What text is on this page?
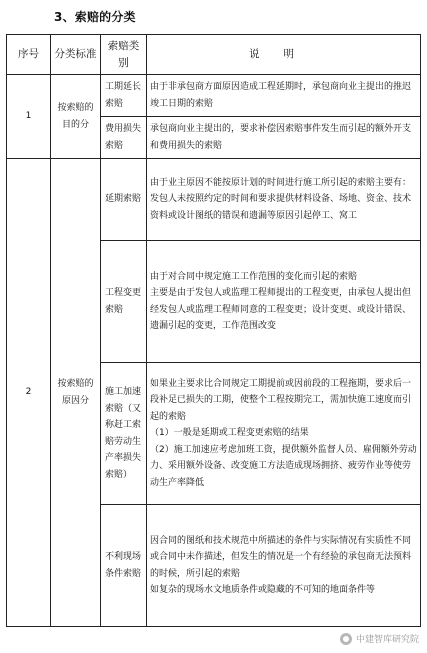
3、索赔的分类
序号	分类标准	索赔类别	说明
1	按索赔的目的分	工期延长索赔	由于非承包商方面原因造成工程延期时，承包商向业主提出的推迟竣工日期的索赔
		费用损失索赔	承包商向业主提出的，要求补偿因索赔事件发生而引起的额外开支和费用损失的索赔
2	按索赔的原因分	延期索赔	由于业主原因不能按原计划的时间进行施工所引起的索赔主要有：发包人未按照约定的时间和要求提供材料设备、场地、资金、技术资料或设计图纸的错误和遗漏等原因引起停工、窝工
		工程变更索赔	由于对合同中规定施工工作范围的变化而引起的索赔
主要是由于发包人或监理工程师提出的工程变更，由承包人提出但经发包人或监理工程师同意的工程变更；设计变更、或设计错误、遗漏引起的变更，工作范围改变

		施工加速索赔（又称赶工索赔劳动生产率损失索赔）	如果业主要求比合同规定工期提前或因前段的工程拖期，要求后一段补足已损失的工期，使整个工程按期完工，需加快施工速度而引起的索赔
（1）一般是延期或工程变更索赔的结果
（2）施工加速应考虑加班工资，提供额外监督人员、雇佣额外劳动力、采用额外设备、改变施工方法造成现场拥挤、疲劳作业等使劳动生产率降低

		不利现场条件索赔	因合同的图纸和技术规范中所描述的条件与实际情况有实质性不同或合同中未作描述，但发生的情况是一个有经验的承包商无法预料的时候，所引起的索赔
如复杂的现场水文地质条件或隐藏的不可知的地面条件等
中建智库研究院
